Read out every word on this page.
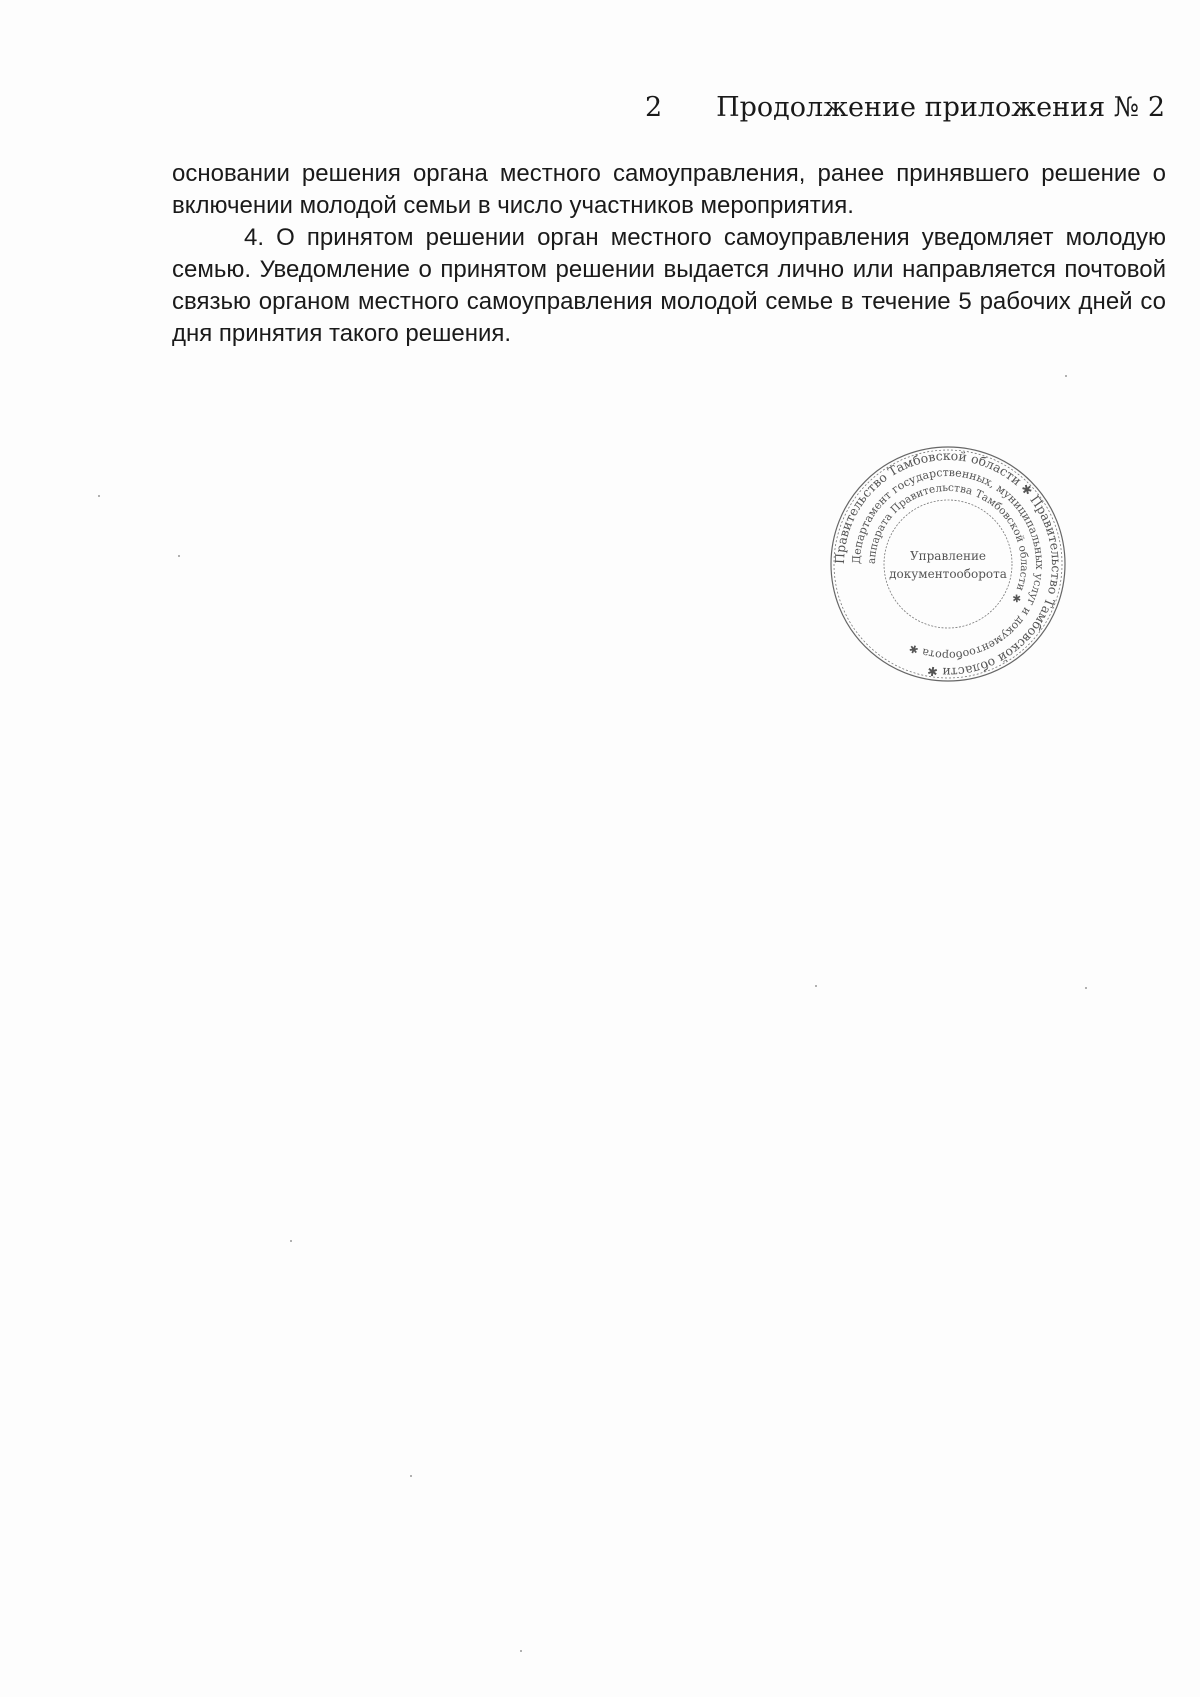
2 Продолжение приложения № 2

основании решения органа местного самоуправления, ранее принявшего решение о включении молодой семьи в число участников мероприятия.

4. О принятом решении орган местного самоуправления уведомляет молодую семью. Уведомление о принятом решении выдается лично или направляется почтовой связью органом местного самоуправления молодой семье в течение 5 рабочих дней со дня принятия такого решения.

Правительство Тамбовской области ✱ Правительство Тамбовской области ✱
Департамент государственных, муниципальных услуг и документооборота ✱
аппарата Правительства Тамбовской области ✱
Управление
документооборота
